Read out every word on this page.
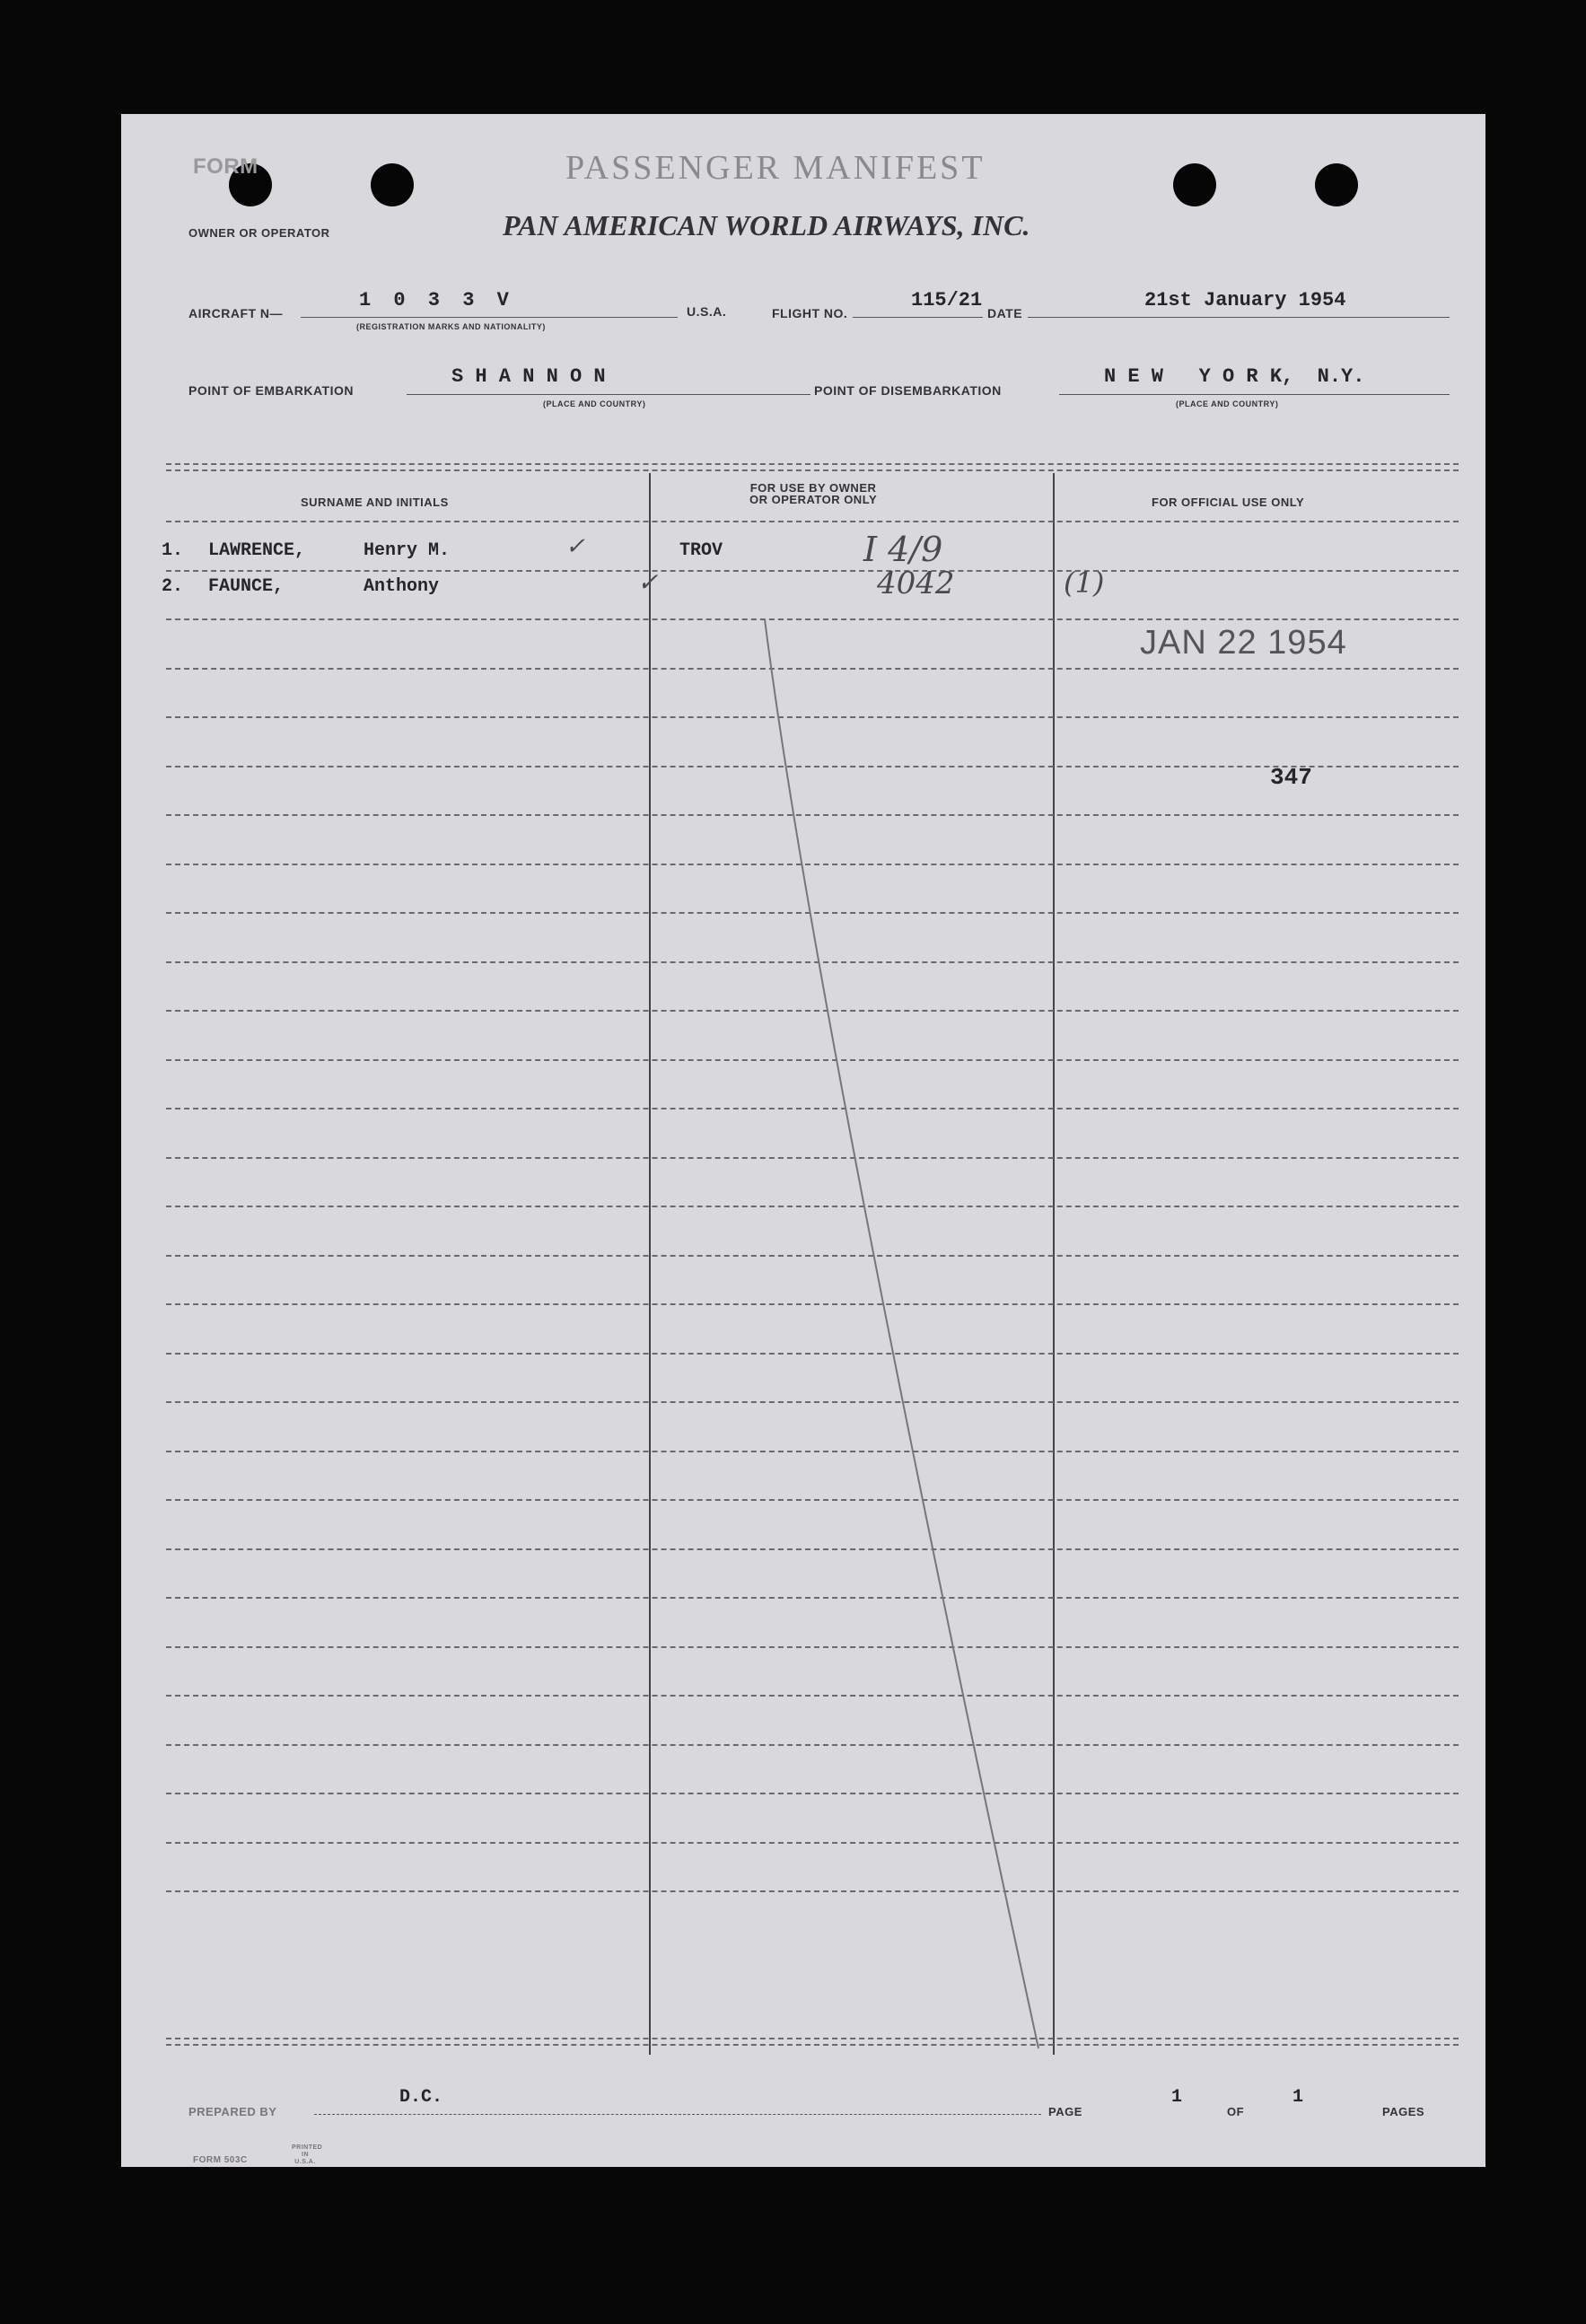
FORM	PASSENGER MANIFEST
OWNER OR OPERATOR	PAN AMERICAN WORLD AIRWAYS, INC.
AIRCRAFT N—
1 0 3 3 V
(REGISTRATION MARKS AND NATIONALITY)
U.S.A.	FLIGHT NO.
115/21
DATE
21st January 1954
POINT OF EMBARKATION
S H A N N O N
(PLACE AND COUNTRY)
POINT OF DISEMBARKATION
N E W   Y O R K,  N.Y.
(PLACE AND COUNTRY)
SURNAME AND INITIALS
FOR USE BY OWNER
OR OPERATOR ONLY	FOR OFFICIAL USE ONLY
1. LAWRENCE,	Henry M.	✓	TROV	I 4/9
2. FAUNCE,	Anthony	✓	4042	(1)
JAN 22 1954
347
PREPARED BY
D.C.
PAGE
1
OF
1
PAGES
FORM 503C
PRINTED IN U.S.A.
